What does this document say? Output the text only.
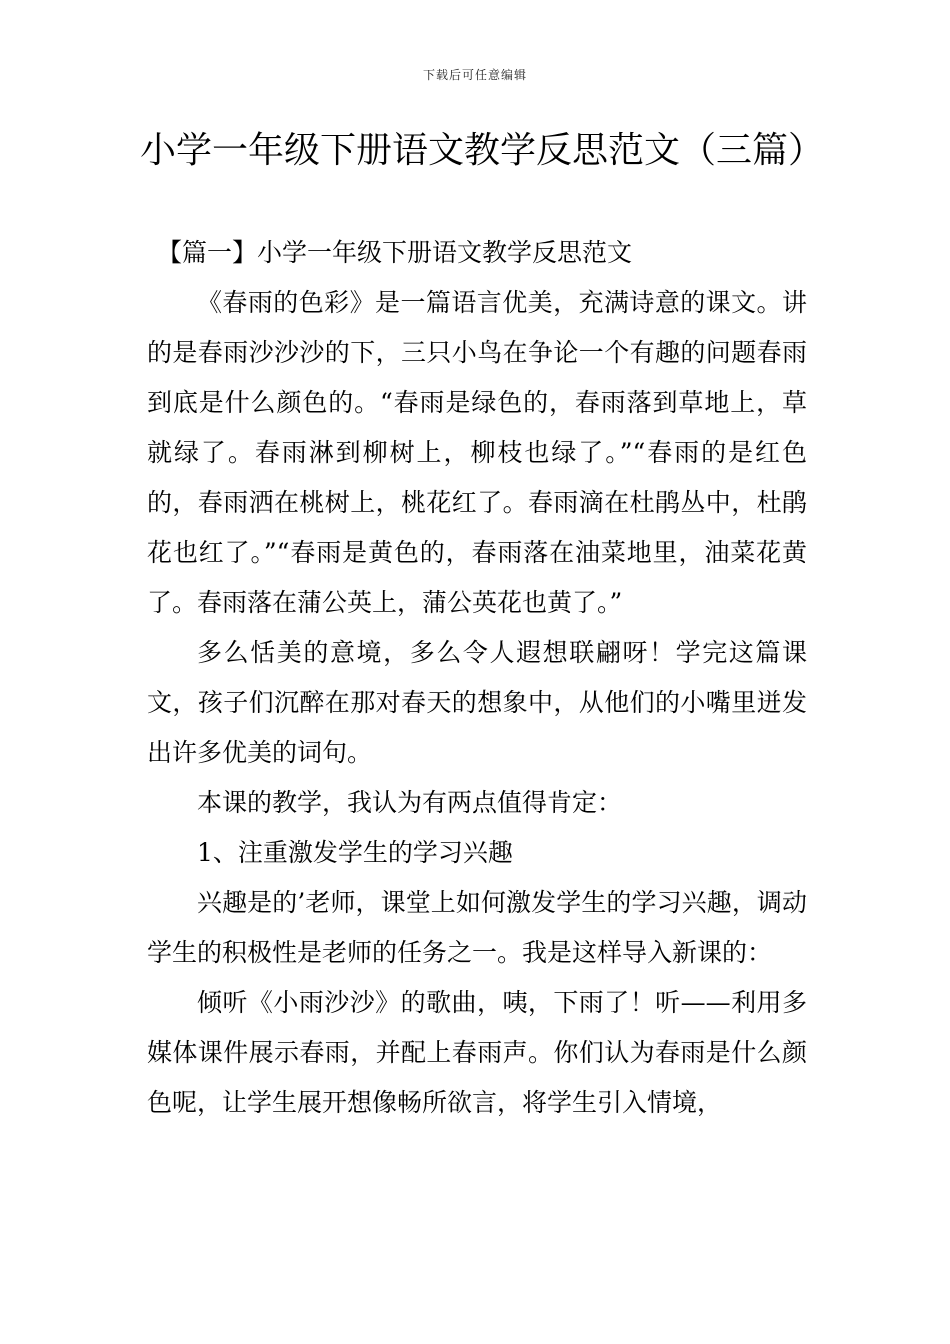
下载后可任意编辑
小学一年级下册语文教学反思范文（三篇）

【篇一】小学一年级下册语文教学反思范文

《春雨的色彩》是一篇语言优美，充满诗意的课文。讲的是春雨沙沙沙的下，三只小鸟在争论一个有趣的问题春雨到底是什么颜色的。“春雨是绿色的，春雨落到草地上，草就绿了。春雨淋到柳树上，柳枝也绿了。”“春雨的是红色的，春雨洒在桃树上，桃花红了。春雨滴在杜鹃丛中，杜鹃花也红了。”“春雨是黄色的，春雨落在油菜地里，油菜花黄了。春雨落在蒲公英上，蒲公英花也黄了。”

多么恬美的意境，多么令人遐想联翩呀！学完这篇课文，孩子们沉醉在那对春天的想象中，从他们的小嘴里迸发出许多优美的词句。

本课的教学，我认为有两点值得肯定：

1、注重激发学生的学习兴趣

兴趣是的’老师，课堂上如何激发学生的学习兴趣，调动学生的积极性是老师的任务之一。我是这样导入新课的：

倾听《小雨沙沙》的歌曲，咦，下雨了！听——利用多媒体课件展示春雨，并配上春雨声。你们认为春雨是什么颜色呢，让学生展开想像畅所欲言，将学生引入情境，
